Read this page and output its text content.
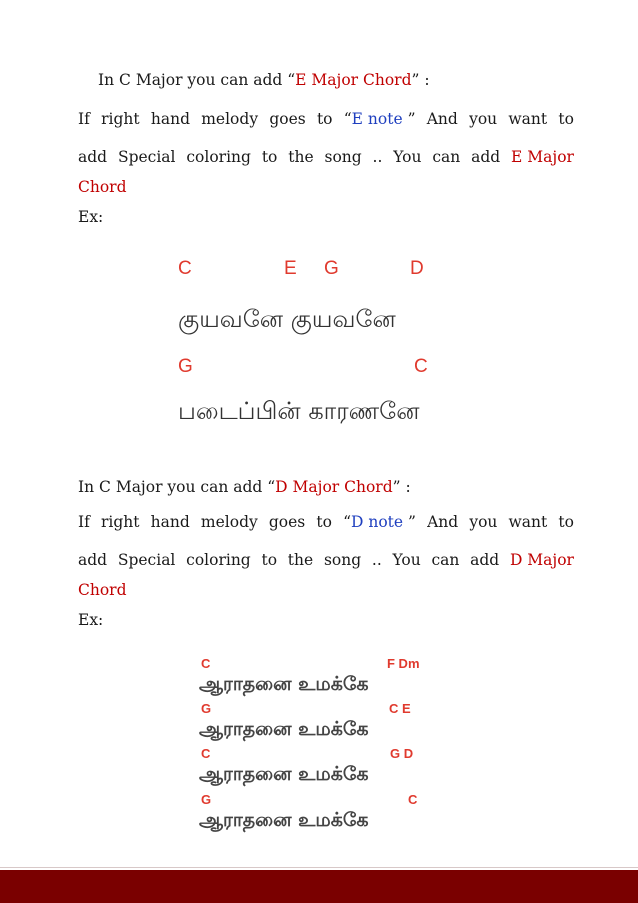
In C Major you can add “E Major Chord” :
If right hand melody goes to “E note ” And you want to
add Special coloring to the song .. You can add E Major
Chord
Ex:
C	E G	D
குயவனே குயவனே
G	C
படைப்பின் காரணனே
In C Major you can add “D Major Chord” :
If right hand melody goes to “D note ” And you want to
add Special coloring to the song .. You can add D Major
Chord
Ex:
C	F Dm
ஆராதனை உமக்கே
G	C E
ஆராதனை உமக்கே
C	G D
ஆராதனை உமக்கே
G	C
ஆராதனை உமக்கே
